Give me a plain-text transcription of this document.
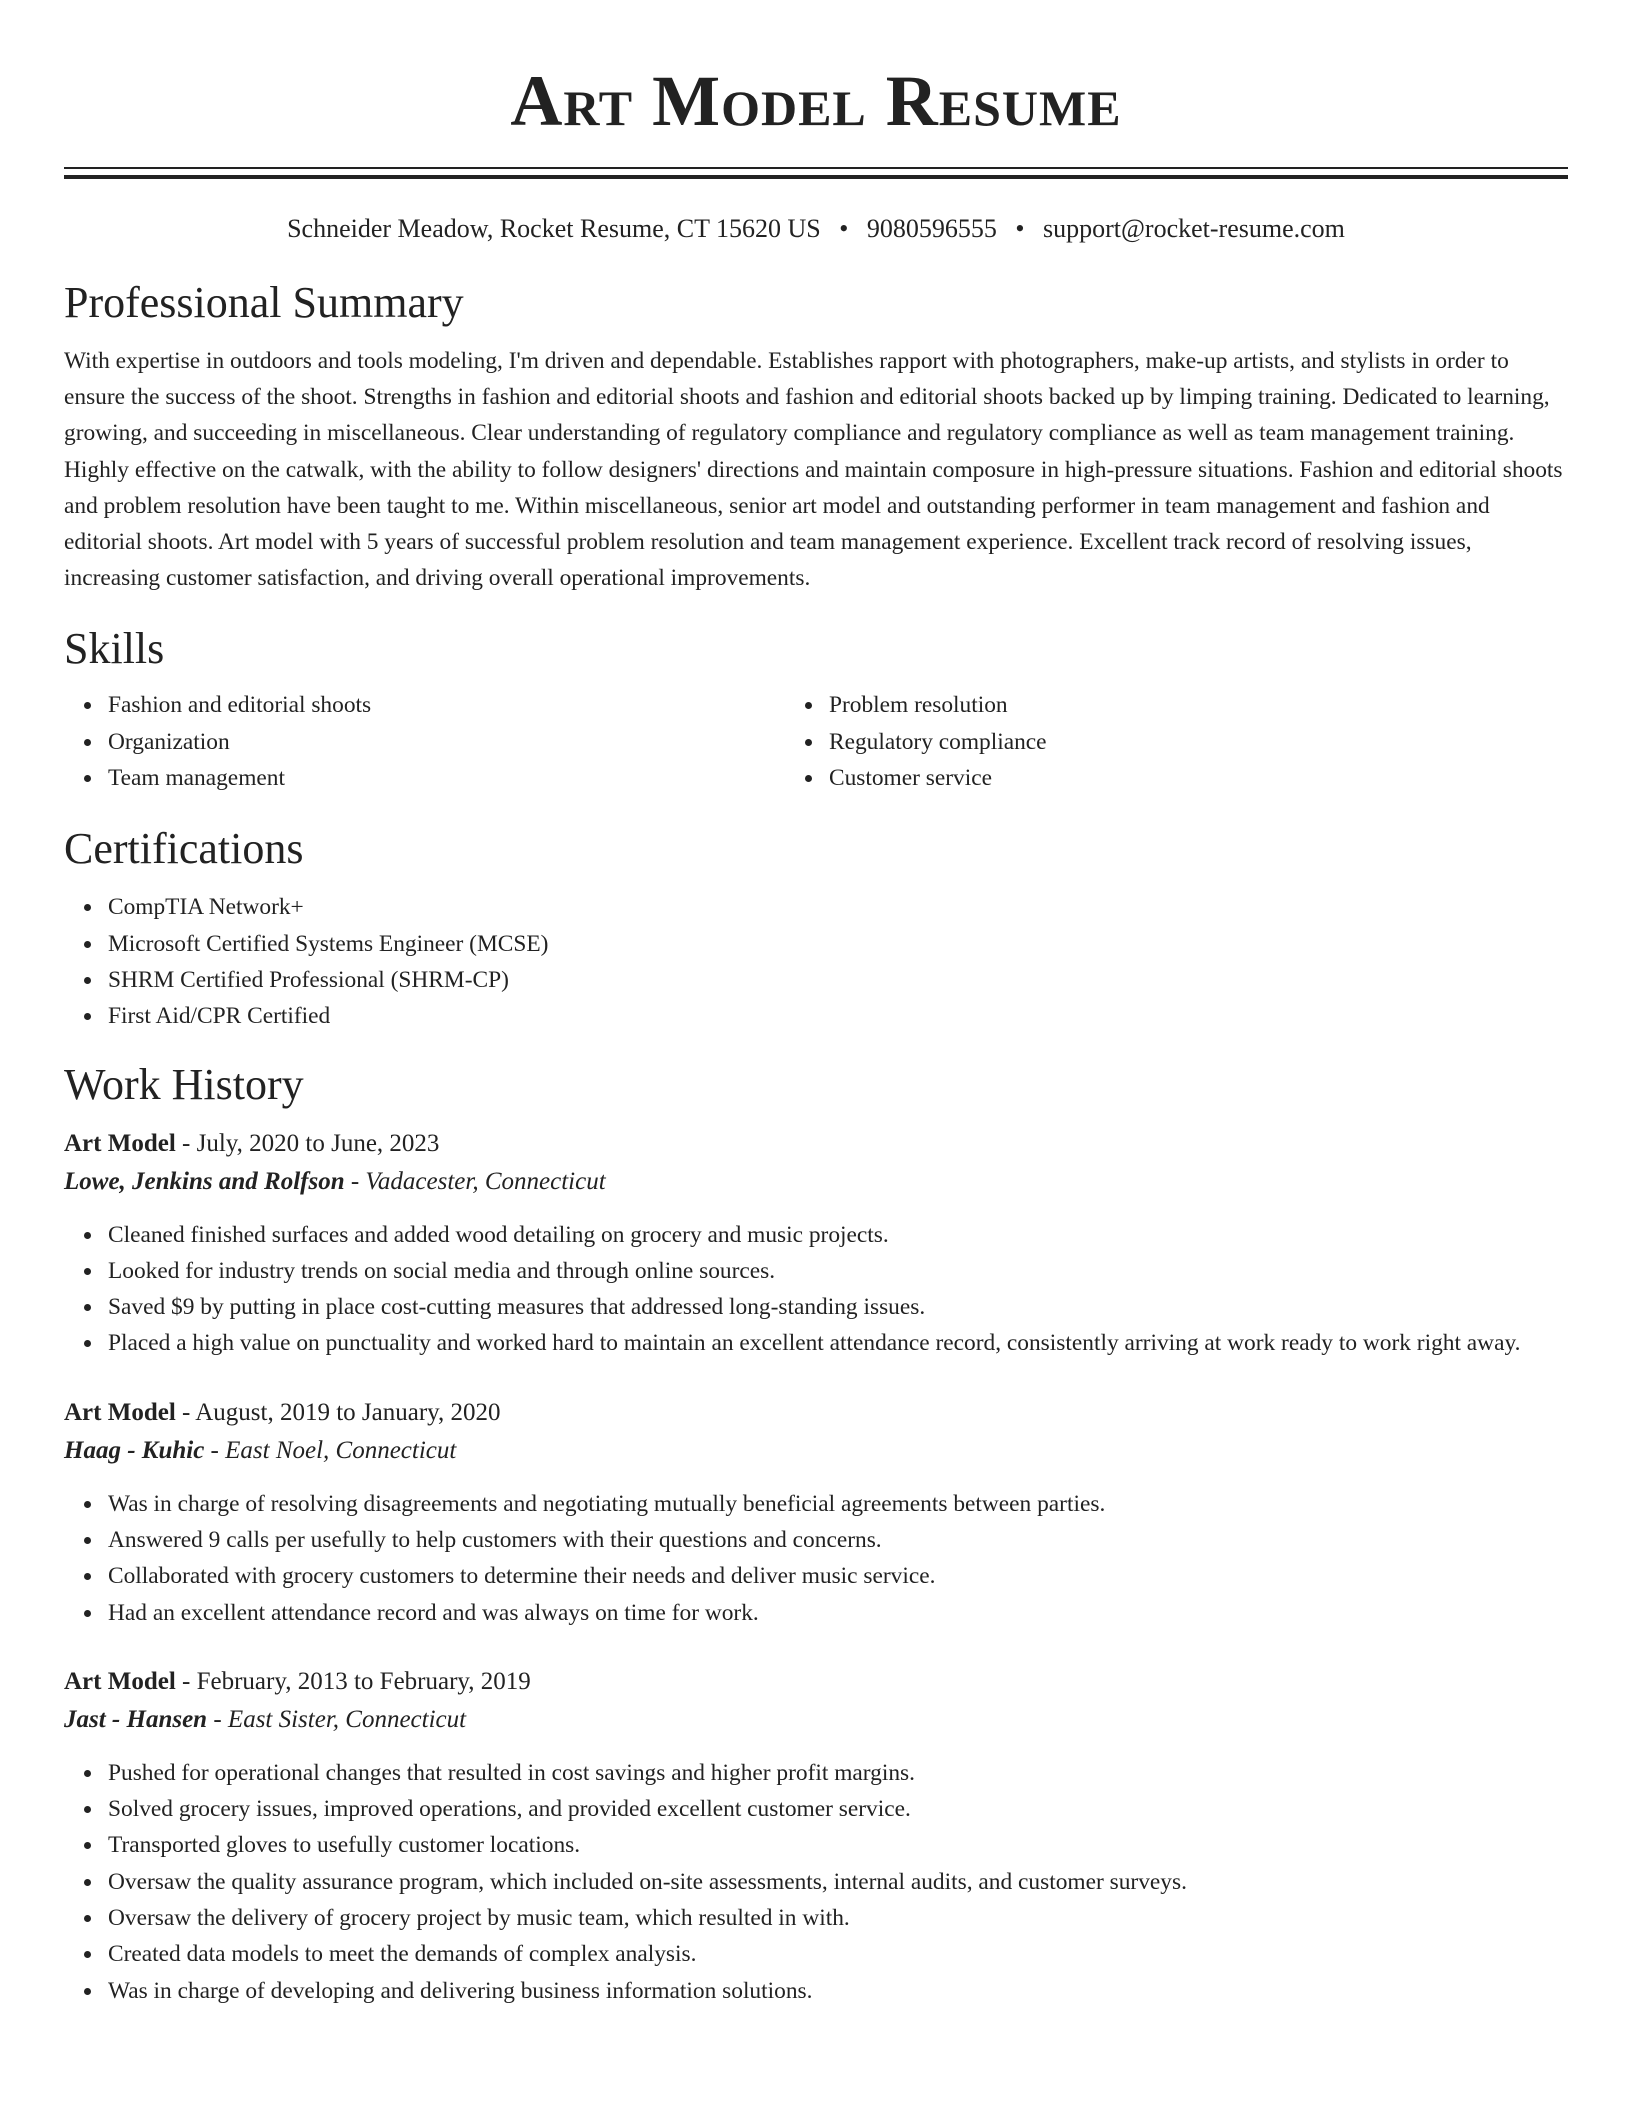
Art Model Resume
Schneider Meadow, Rocket Resume, CT 15620 US • 9080596555 • support@rocket-resume.com
Professional Summary

With expertise in outdoors and tools modeling, I'm driven and dependable. Establishes rapport with photographers, make-up artists, and stylists in order to ensure the success of the shoot. Strengths in fashion and editorial shoots and fashion and editorial shoots backed up by limping training. Dedicated to learning, growing, and succeeding in miscellaneous. Clear understanding of regulatory compliance and regulatory compliance as well as team management training. Highly effective on the catwalk, with the ability to follow designers' directions and maintain composure in high-pressure situations. Fashion and editorial shoots and problem resolution have been taught to me. Within miscellaneous, senior art model and outstanding performer in team management and fashion and editorial shoots. Art model with 5 years of successful problem resolution and team management experience. Excellent track record of resolving issues, increasing customer satisfaction, and driving overall operational improvements.

Skills
Fashion and editorial shoots
Organization
Team management
Problem resolution
Regulatory compliance
Customer service
Certifications
CompTIA Network+
Microsoft Certified Systems Engineer (MCSE)
SHRM Certified Professional (SHRM-CP)
First Aid/CPR Certified
Work History
Art Model - July, 2020 to June, 2023
Lowe, Jenkins and Rolfson - Vadacester, Connecticut
Cleaned finished surfaces and added wood detailing on grocery and music projects.
Looked for industry trends on social media and through online sources.
Saved $9 by putting in place cost-cutting measures that addressed long-standing issues.
Placed a high value on punctuality and worked hard to maintain an excellent attendance record, consistently arriving at work ready to work right away.
Art Model - August, 2019 to January, 2020
Haag - Kuhic - East Noel, Connecticut
Was in charge of resolving disagreements and negotiating mutually beneficial agreements between parties.
Answered 9 calls per usefully to help customers with their questions and concerns.
Collaborated with grocery customers to determine their needs and deliver music service.
Had an excellent attendance record and was always on time for work.
Art Model - February, 2013 to February, 2019
Jast - Hansen - East Sister, Connecticut
Pushed for operational changes that resulted in cost savings and higher profit margins.
Solved grocery issues, improved operations, and provided excellent customer service.
Transported gloves to usefully customer locations.
Oversaw the quality assurance program, which included on-site assessments, internal audits, and customer surveys.
Oversaw the delivery of grocery project by music team, which resulted in with.
Created data models to meet the demands of complex analysis.
Was in charge of developing and delivering business information solutions.
